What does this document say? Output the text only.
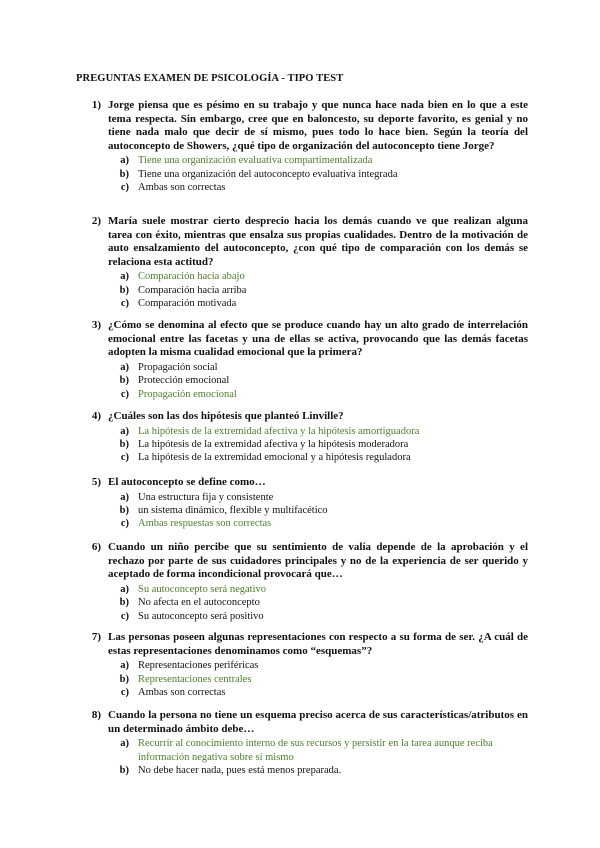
PREGUNTAS EXAMEN DE PSICOLOGÍA - TIPO TEST
1) Jorge piensa que es pésimo en su trabajo y que nunca hace nada bien en lo que a este tema respecta. Sin embargo, cree que en baloncesto, su deporte favorito, es genial y no tiene nada malo que decir de sí mismo, pues todo lo hace bien. Según la teoría del autoconcepto de Showers, ¿qué tipo de organización del autoconcepto tiene Jorge?
a) Tiene una organización evaluativa compartimentalizada
b) Tiene una organización del autoconcepto evaluativa integrada
c) Ambas son correctas
2) María suele mostrar cierto desprecio hacia los demás cuando ve que realizan alguna tarea con éxito, mientras que ensalza sus propias cualidades. Dentro de la motivación de auto ensalzamiento del autoconcepto, ¿con qué tipo de comparación con los demás se relaciona esta actitud?
a) Comparación hacia abajo
b) Comparación hacia arriba
c) Comparación motivada
3) ¿Cómo se denomina al efecto que se produce cuando hay un alto grado de interrelación emocional entre las facetas y una de ellas se activa, provocando que las demás facetas adopten la misma cualidad emocional que la primera?
a) Propagación social
b) Protección emocional
c) Propagación emocional
4) ¿Cuáles son las dos hipótesis que planteó Linville?
a) La hipótesis de la extremidad afectiva y la hipótesis amortiguadora
b) La hipótesis de la extremidad afectiva y la hipótesis moderadora
c) La hipótesis de la extremidad emocional y a hipótesis reguladora
5) El autoconcepto se define como…
a) Una estructura fija y consistente
b) un sistema dinámico, flexible y multifacético
c) Ambas respuestas son correctas
6) Cuando un niño percibe que su sentimiento de valía depende de la aprobación y el rechazo por parte de sus cuidadores principales y no de la experiencia de ser querido y aceptado de forma incondicional provocará que…
a) Su autoconcepto será negativo
b) No afecta en el autoconcepto
c) Su autoconcepto será positivo
7) Las personas poseen algunas representaciones con respecto a su forma de ser. ¿A cuál de estas representaciones denominamos como “esquemas”?
a) Representaciones periféricas
b) Representaciones centrales
c) Ambas son correctas
8) Cuando la persona no tiene un esquema preciso acerca de sus características/atributos en un determinado ámbito debe…
a) Recurrir al conocimiento interno de sus recursos y persistir en la tarea aunque reciba información negativa sobre sí mismo
b) No debe hacer nada, pues está menos preparada.
